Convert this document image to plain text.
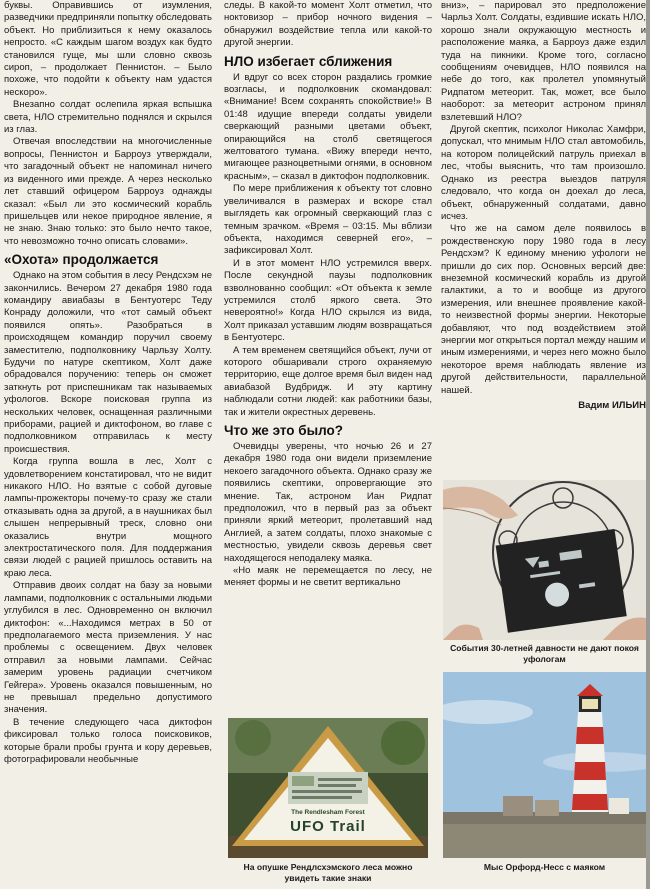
буквы. Оправившись от изумления, разведчики предприняли попытку обследовать объект. Но приблизиться к нему оказалось непросто. «С каждым шагом воздух как будто становился гуще, мы шли словно сквозь сироп, – продолжает Пеннистон. – Было похоже, что подойти к объекту нам удастся нескоро».

Внезапно солдат ослепила яркая вспышка света, НЛО стремительно поднялся и скрылся из глаз.

Отвечая впоследствии на многочисленные вопросы, Пеннистон и Барроуз утверждали, что загадочный объект не напоминал ничего из виденного ими прежде. А через несколько лет ставший офицером Барроуз однажды сказал: «Был ли это космический корабль пришельцев или некое природное явление, я не знаю. Знаю только: это было нечто такое, что невозможно точно описать словами».

«Охота» продолжается

Однако на этом события в лесу Рендсхэм не закончились. Вечером 27 декабря 1980 года командиру авиабазы в Бентуотерс Теду Конраду доложили, что «тот самый объект появился опять». Разобраться в происходящем командир поручил своему заместителю, подполковнику Чарльзу Холту. Будучи по натуре скептиком, Холт даже обрадовался поручению: теперь он сможет заткнуть рот приспешникам так называемых уфологов. Вскоре поисковая группа из нескольких человек, оснащенная различными приборами, рацией и диктофоном, во главе с подполковником отправилась к месту происшествия.

Когда группа вошла в лес, Холт с удовлетворением констатировал, что не видит никакого НЛО. Но взятые с собой дуговые лампы-прожекторы почему-то сразу же стали отказывать одна за другой, а в наушниках был слышен непрерывный треск, словно они оказались внутри мощного электростатического поля. Для поддержания связи людей с рацией пришлось оставить на краю леса.

Отправив двоих солдат на базу за новыми лампами, подполковник с остальными людьми углубился в лес. Одновременно он включил диктофон: «...Находимся метрах в 50 от предполагаемого места приземления. У нас проблемы с освещением. Двух человек отправил за новыми лампами. Сейчас замерим уровень радиации счетчиком Гейгера». Уровень оказался повышенным, но не превышал предельно допустимого значения.

В течение следующего часа диктофон фиксировал только голоса поисковиков, которые брали пробы грунта и кору деревьев, фотографировали необычные

следы. В какой-то момент Холт отметил, что ноктовизор – прибор ночного видения – обнаружил воздействие тепла или какой-то другой энергии.

НЛО избегает сближения

И вдруг со всех сторон раздались громкие возгласы, и подполковник скомандовал: «Внимание! Всем сохранять спокойствие!» В 01:48 идущие впереди солдаты увидели сверкающий разными цветами объект, опирающийся на столб светящегося желтоватого тумана. «Вижу впереди нечто, мигающее разноцветными огнями, в основном красным», – сказал в диктофон подполковник.

По мере приближения к объекту тот словно увеличивался в размерах и вскоре стал выглядеть как огромный сверкающий глаз с темным зрачком. «Время – 03:15. Мы вблизи объекта, находимся северней его», – зафиксировал Холт.

И в этот момент НЛО устремился вверх. После секундной паузы подполковник взволнованно сообщил: «От объекта к земле устремился столб яркого света. Это невероятно!» Когда НЛО скрылся из вида, Холт приказал уставшим людям возвращаться в Бентуотерс.

А тем временем светящийся объект, лучи от которого обшаривали строго охраняемую территорию, еще долгое время был виден над авиабазой Вудбридж. И эту картину наблюдали сотни людей: как работники базы, так и жители окрестных деревень.

Что же это было?

Очевидцы уверены, что ночью 26 и 27 декабря 1980 года они видели приземление некоего загадочного объекта. Однако сразу же появились скептики, опровергающие это мнение. Так, астроном Иан Ридпат предположил, что в первый раз за объект приняли яркий метеорит, пролетавший над Англией, а затем солдаты, плохо знакомые с местностью, увидели сквозь деревья свет находящегося неподалеку маяка.

«Но маяк не перемещается по лесу, не меняет формы и не светит вертикально

The Rendlesham Forest
UFO Trail
На опушке Рендлсхэмского леса можно увидеть такие знаки

вниз», – парировал это предположение Чарльз Холт. Солдаты, ездившие искать НЛО, хорошо знали окружающую местность и расположение маяка, а Барроуз даже ездил туда на пикники. Кроме того, согласно сообщениям очевидцев, НЛО появился на небе до того, как пролетел упомянутый Ридпатом метеорит. Так, может, все было наоборот: за метеорит астроном принял взлетевший НЛО?

Другой скептик, психолог Николас Хамфри, допускал, что мнимым НЛО стал автомобиль, на котором полицейский патруль приехал в лес, чтобы выяснить, что там произошло. Однако из реестра выездов патруля следовало, что когда он доехал до леса, объект, обнаруженный солдатами, давно исчез.

Что же на самом деле появилось в рождественскую пору 1980 года в лесу Рендсхэм? К единому мнению уфологи не пришли до сих пор. Основных версий две: внеземной космический корабль из другой галактики, а то и вообще из другого измерения, или внешнее проявление какой-то неизвестной формы энергии. Некоторые добавляют, что под воздействием этой энергии мог открыться портал между нашим и иным измерениями, и через него можно было некоторое время наблюдать явление из другой действительности, параллельной нашей.

Вадим ИЛЬИН
События 30-летней давности не дают покоя уфологам
Мыс Орфорд-Несс с маяком
